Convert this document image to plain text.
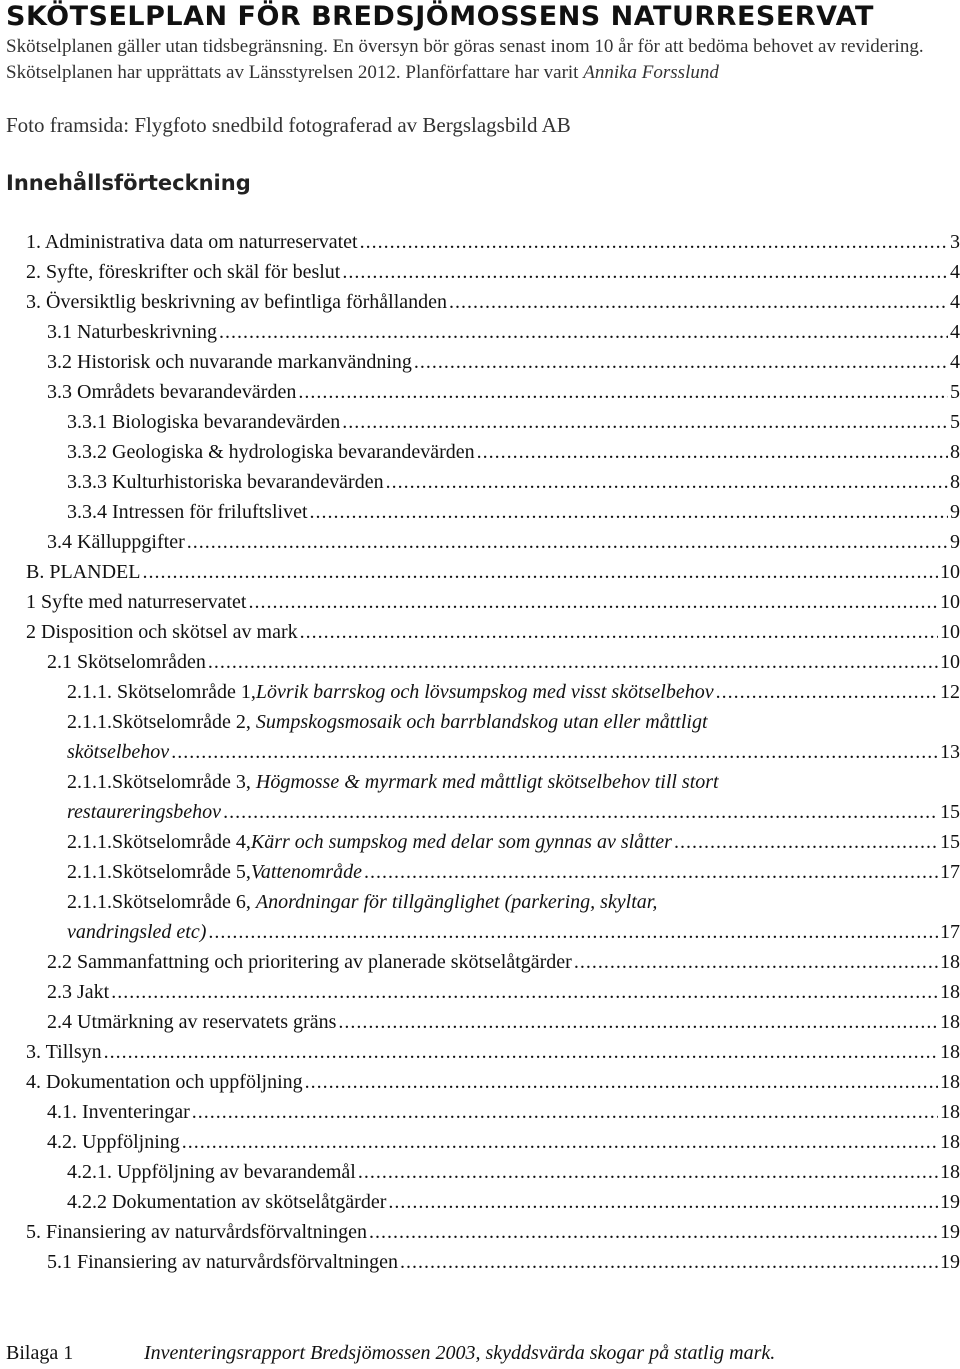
SKÖTSELPLAN FÖR BREDSJÖMOSSENS NATURRESERVAT
Skötselplanen gäller utan tidsbegränsning. En översyn bör göras senast inom 10 år för att bedöma behovet av revidering. Skötselplanen har upprättats av Länsstyrelsen 2012. Planförfattare har varit Annika Forsslund
Foto framsida: Flygfoto snedbild fotograferad av Bergslagsbild AB
Innehållsförteckning
1. Administrativa data om naturreservatet . . .	3
2. Syfte, föreskrifter och skäl för beslut . . .	4
3. Översiktlig beskrivning av befintliga förhållanden . . .	4
3.1 Naturbeskrivning . . .	4
3.2 Historisk och nuvarande markanvändning . . .	4
3.3 Områdets bevarandevärden . . .	5
3.3.1 Biologiska bevarandevärden . . .	5
3.3.2 Geologiska & hydrologiska bevarandevärden . . .	8
3.3.3 Kulturhistoriska bevarandevärden . . .	8
3.3.4 Intressen för friluftslivet . . .	9
3.4 Källuppgifter . . .	9
B. PLANDEL . . .	10
1 Syfte med naturreservatet . . .	10
2 Disposition och skötsel av mark . . .	10
2.1 Skötselområden . . .	10
2.1.1. Skötselområde 1, Lövrik barrskog och lövsumpskog med visst skötselbehov . . .	12
2.1.1.Skötselområde 2, Sumpskogsmosaik och barrblandskog utan eller måttligt
skötselbehov . . .	13
2.1.1.Skötselområde 3, Högmosse & myrmark med måttligt skötselbehov till stort
restaureringsbehov . . .	15
2.1.1.Skötselområde 4, Kärr och sumpskog med delar som gynnas av slåtter . . .	15
2.1.1.Skötselområde 5, Vattenområde . . .	17
2.1.1.Skötselområde 6, Anordningar för tillgänglighet (parkering, skyltar,
vandringsled etc) . . .	17
2.2 Sammanfattning och prioritering av planerade skötselåtgärder . . .	18
2.3 Jakt . . .	18
2.4 Utmärkning av reservatets gräns . . .	18
3. Tillsyn . . .	18
4. Dokumentation och uppföljning . . .	18
4.1. Inventeringar . . .	18
4.2. Uppföljning . . .	18
4.2.1. Uppföljning av bevarandemål . . .	18
4.2.2 Dokumentation av skötselåtgärder . . .	19
5. Finansiering av naturvårdsförvaltningen . . .	19
5.1 Finansiering av naturvårdsförvaltningen . . .	19
Bilaga 1	Inventeringsrapport Bredsjömossen 2003, skyddsvärda skogar på statlig mark.
